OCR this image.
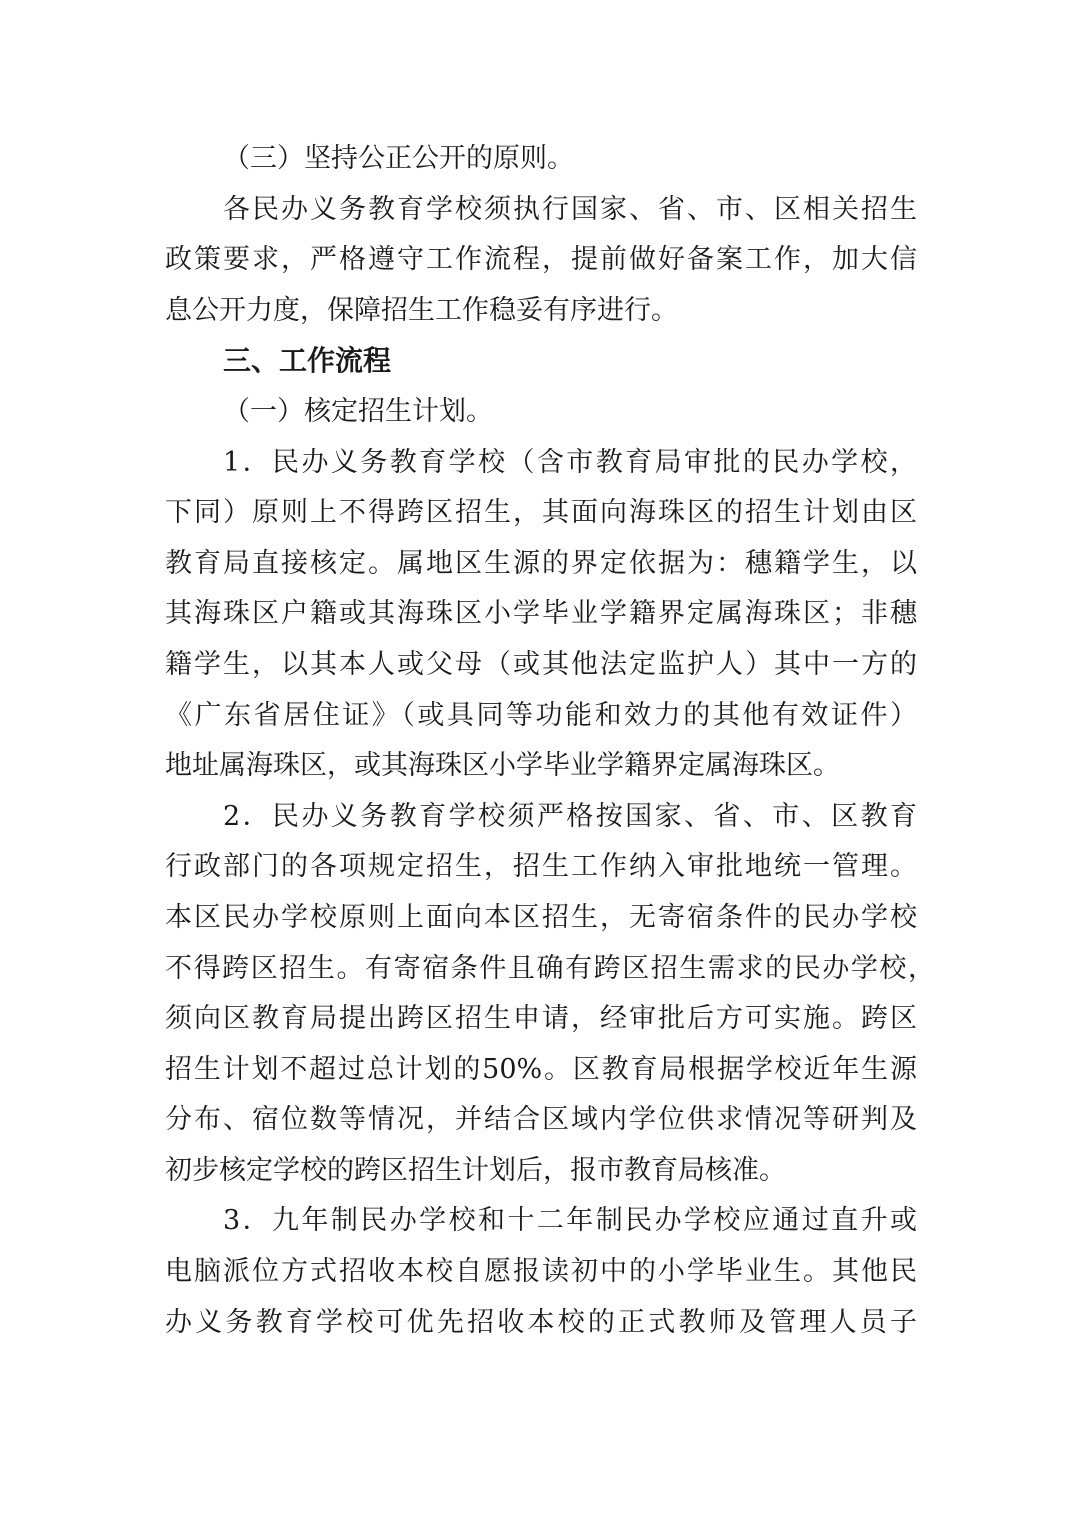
（三）坚持公正公开的原则。
各民办义务教育学校须执行国家、省、市、区相关招生
政策要求，严格遵守工作流程，提前做好备案工作，加大信
息公开力度，保障招生工作稳妥有序进行。
三、工作流程
（一）核定招生计划。
1．民办义务教育学校（含市教育局审批的民办学校，
下同）原则上不得跨区招生，其面向海珠区的招生计划由区
教育局直接核定。属地区生源的界定依据为：穗籍学生，以
其海珠区户籍或其海珠区小学毕业学籍界定属海珠区；非穗
籍学生，以其本人或父母（或其他法定监护人）其中一方的
《广东省居住证》（或具同等功能和效力的其他有效证件）
地址属海珠区，或其海珠区小学毕业学籍界定属海珠区。
2．民办义务教育学校须严格按国家、省、市、区教育
行政部门的各项规定招生，招生工作纳入审批地统一管理。
本区民办学校原则上面向本区招生，无寄宿条件的民办学校
不得跨区招生。有寄宿条件且确有跨区招生需求的民办学校，
须向区教育局提出跨区招生申请，经审批后方可实施。跨区
招生计划不超过总计划的50%。区教育局根据学校近年生源
分布、宿位数等情况，并结合区域内学位供求情况等研判及
初步核定学校的跨区招生计划后，报市教育局核准。
3．九年制民办学校和十二年制民办学校应通过直升或
电脑派位方式招收本校自愿报读初中的小学毕业生。其他民
办义务教育学校可优先招收本校的正式教师及管理人员子
